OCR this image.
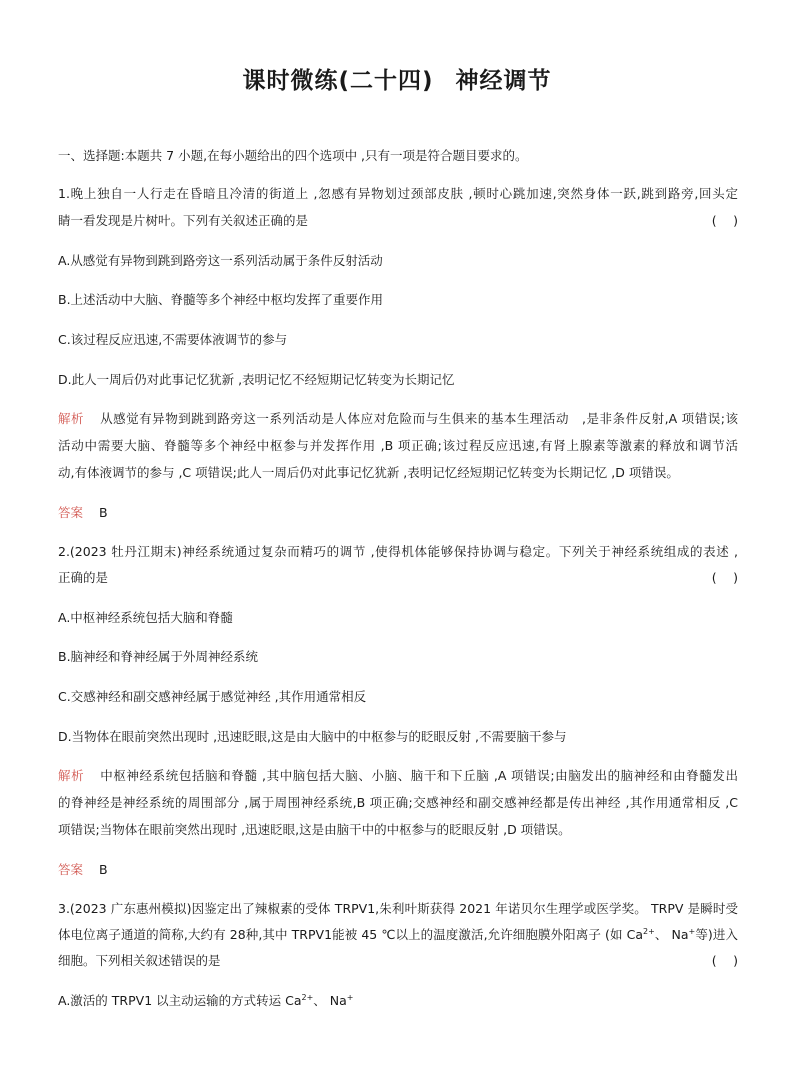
课时微练(二十四) 神经调节
一、选择题:本题共 7 小题,在每小题给出的四个选项中 ,只有一项是符合题目要求的。
1.晚上独自一人行走在昏暗且冷清的街道上 ,忽感有异物划过颈部皮肤 ,顿时心跳加速,突然身体一跃,跳到路旁,回头定
睛一看发现是片树叶。下列有关叙述正确的是	(　 )
A.从感觉有异物到跳到路旁这一系列活动属于条件反射活动
B.上述活动中大脑、脊髓等多个神经中枢均发挥了重要作用
C.该过程反应迅速,不需要体液调节的参与
D.此人一周后仍对此事记忆犹新 ,表明记忆不经短期记忆转变为长期记忆
解析 从感觉有异物到跳到路旁这一系列活动是人体应对危险而与生俱来的基本生理活动　,是非条件反射,A 项错误;该
活动中需要大脑、脊髓等多个神经中枢参与并发挥作用 ,B 项正确;该过程反应迅速,有肾上腺素等激素的释放和调节活
动,有体液调节的参与 ,C 项错误;此人一周后仍对此事记忆犹新 ,表明记忆经短期记忆转变为长期记忆 ,D 项错误。
答案 B
2.(2023 牡丹江期末)神经系统通过复杂而精巧的调节 ,使得机体能够保持协调与稳定。下列关于神经系统组成的表述 ,
正确的是	(　 )
A.中枢神经系统包括大脑和脊髓
B.脑神经和脊神经属于外周神经系统
C.交感神经和副交感神经属于感觉神经 ,其作用通常相反
D.当物体在眼前突然出现时 ,迅速眨眼,这是由大脑中的中枢参与的眨眼反射 ,不需要脑干参与
解析 中枢神经系统包括脑和脊髓 ,其中脑包括大脑、小脑、脑干和下丘脑 ,A 项错误;由脑发出的脑神经和由脊髓发出
的脊神经是神经系统的周围部分 ,属于周围神经系统,B 项正确;交感神经和副交感神经都是传出神经 ,其作用通常相反 ,C
项错误;当物体在眼前突然出现时 ,迅速眨眼,这是由脑干中的中枢参与的眨眼反射 ,D 项错误。
答案 B
3.(2023 广东惠州模拟)因鉴定出了辣椒素的受体 TRPV1,朱利叶斯获得 2021 年诺贝尔生理学或医学奖。 TRPV 是瞬时受
体电位离子通道的简称,大约有 28种,其中 TRPV1能被 45 ℃以上的温度激活,允许细胞膜外阳离子 (如 $Ca^{2+}$、 Na+等)进入
细胞。下列相关叙述错误的是	(　 )
A.激活的 TRPV1 以主动运输的方式转运 $Ca^{2+}$、 Na+
